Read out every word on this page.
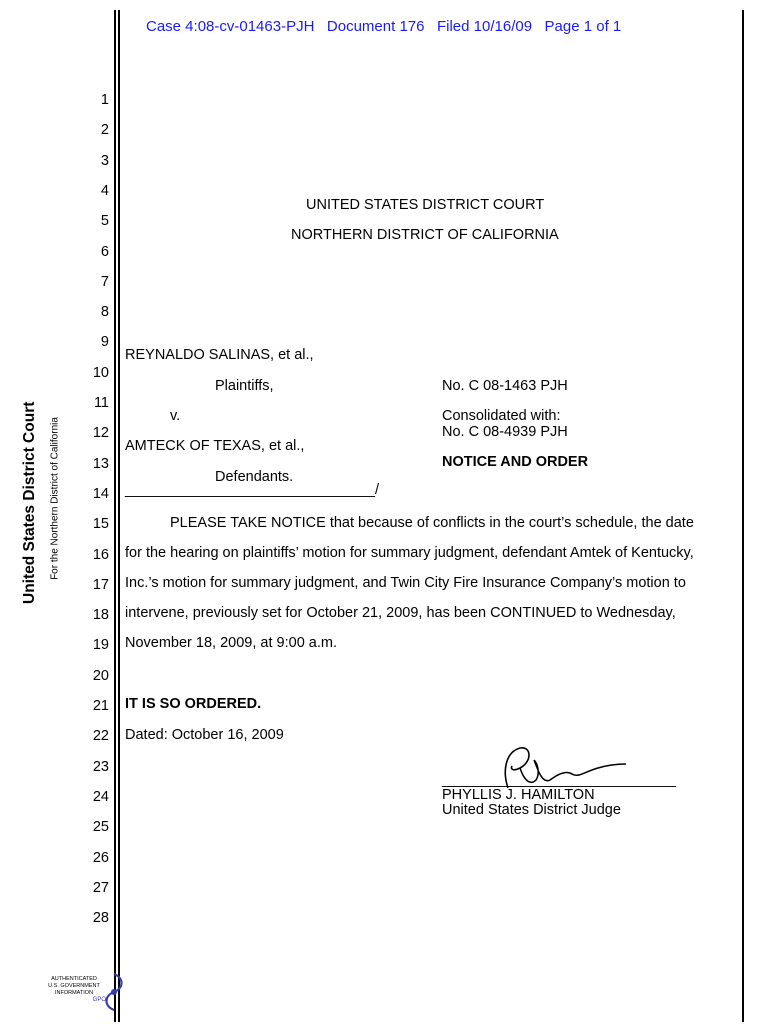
Case 4:08-cv-01463-PJH   Document 176   Filed 10/16/09   Page 1 of 1
United States District Court For the Northern District of California
1
2
3
4
5
6
7
8
9
10
11
12
13
14
15
16
17
18
19
20
21
22
23
24
25
26
27
28
UNITED STATES DISTRICT COURT
NORTHERN DISTRICT OF CALIFORNIA
REYNALDO SALINAS, et al.,
Plaintiffs,
v.
AMTECK OF TEXAS, et al.,
Defendants.
_______________________________/
No. C 08-1463 PJH
Consolidated with:
No. C 08-4939 PJH
NOTICE AND ORDER
PLEASE TAKE NOTICE that because of conflicts in the court’s schedule, the date
for the hearing on plaintiffs’ motion for summary judgment, defendant Amtek of Kentucky,
Inc.’s motion for summary judgment, and Twin City Fire Insurance Company’s motion to
intervene, previously set for October 21, 2009, has been CONTINUED to Wednesday,
November 18, 2009, at 9:00 a.m.
IT IS SO ORDERED.
Dated: October 16, 2009
_____________________________
PHYLLIS J. HAMILTON
United States District Judge
AUTHENTICATED
U.S. GOVERNMENT
INFORMATION
GPO
